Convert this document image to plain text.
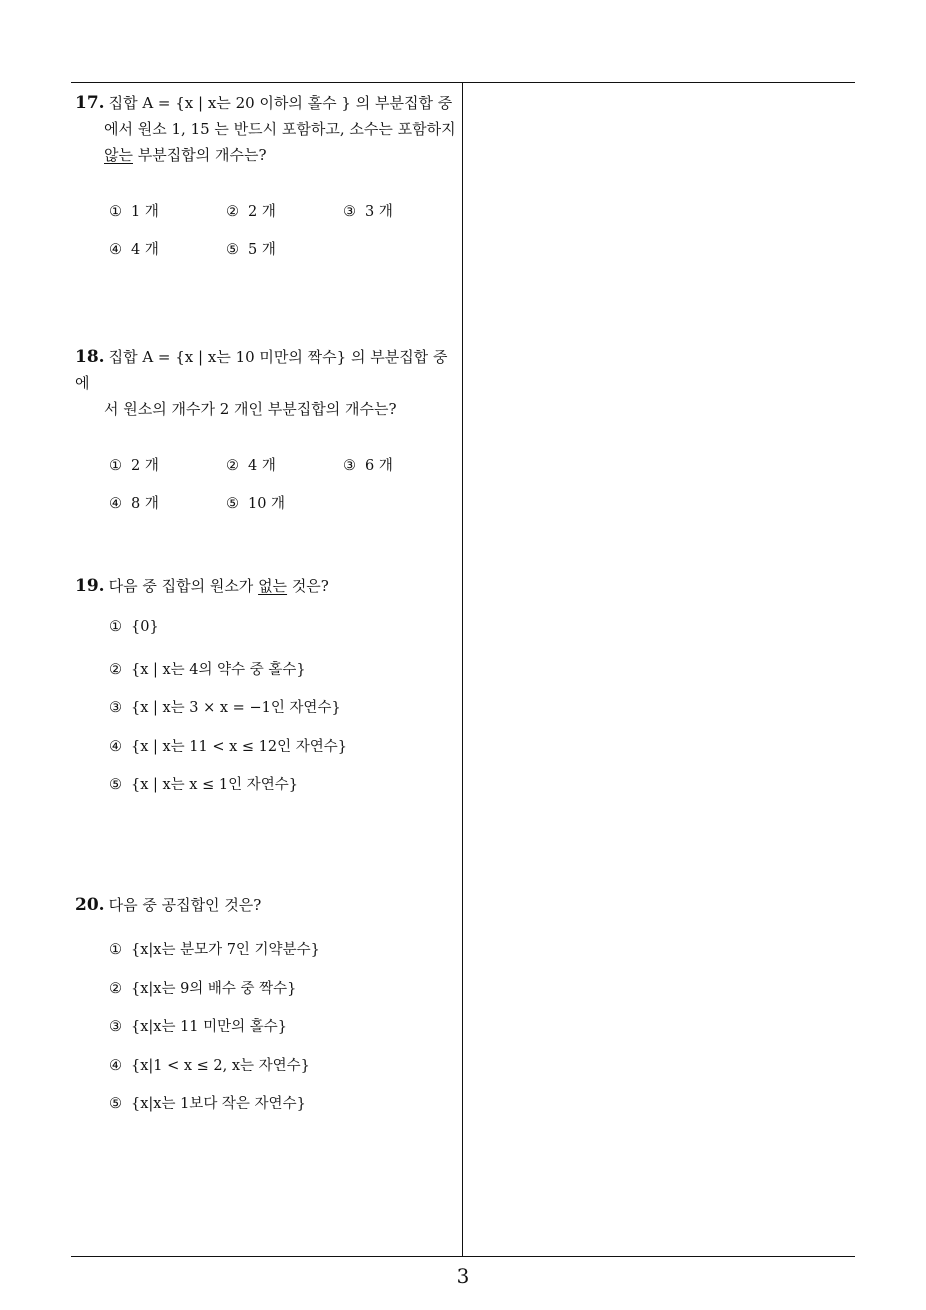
17. 집합 A = {x | x는 20 이하의 홀수 } 의 부분집합 중
에서 원소 1, 15 는 반드시 포함하고, 소수는 포함하지
않는 부분집합의 개수는?
① 1 개	② 2 개	③ 3 개
④ 4 개	⑤ 5 개
18. 집합 A = {x | x는 10 미만의 짝수} 의 부분집합 중에
서 원소의 개수가 2 개인 부분집합의 개수는?
① 2 개	② 4 개	③ 6 개
④ 8 개	⑤ 10 개
19. 다음 중 집합의 원소가 없는 것은?
① {0}
② {x | x는 4의 약수 중 홀수}
③ {x | x는 3 × x = −1인 자연수}
④ {x | x는 11 < x ≤ 12인 자연수}
⑤ {x | x는 x ≤ 1인 자연수}
20. 다음 중 공집합인 것은?
① {x|x는 분모가 7인 기약분수}
② {x|x는 9의 배수 중 짝수}
③ {x|x는 11 미만의 홀수}
④ {x|1 < x ≤ 2, x는 자연수}
⑤ {x|x는 1보다 작은 자연수}
3
